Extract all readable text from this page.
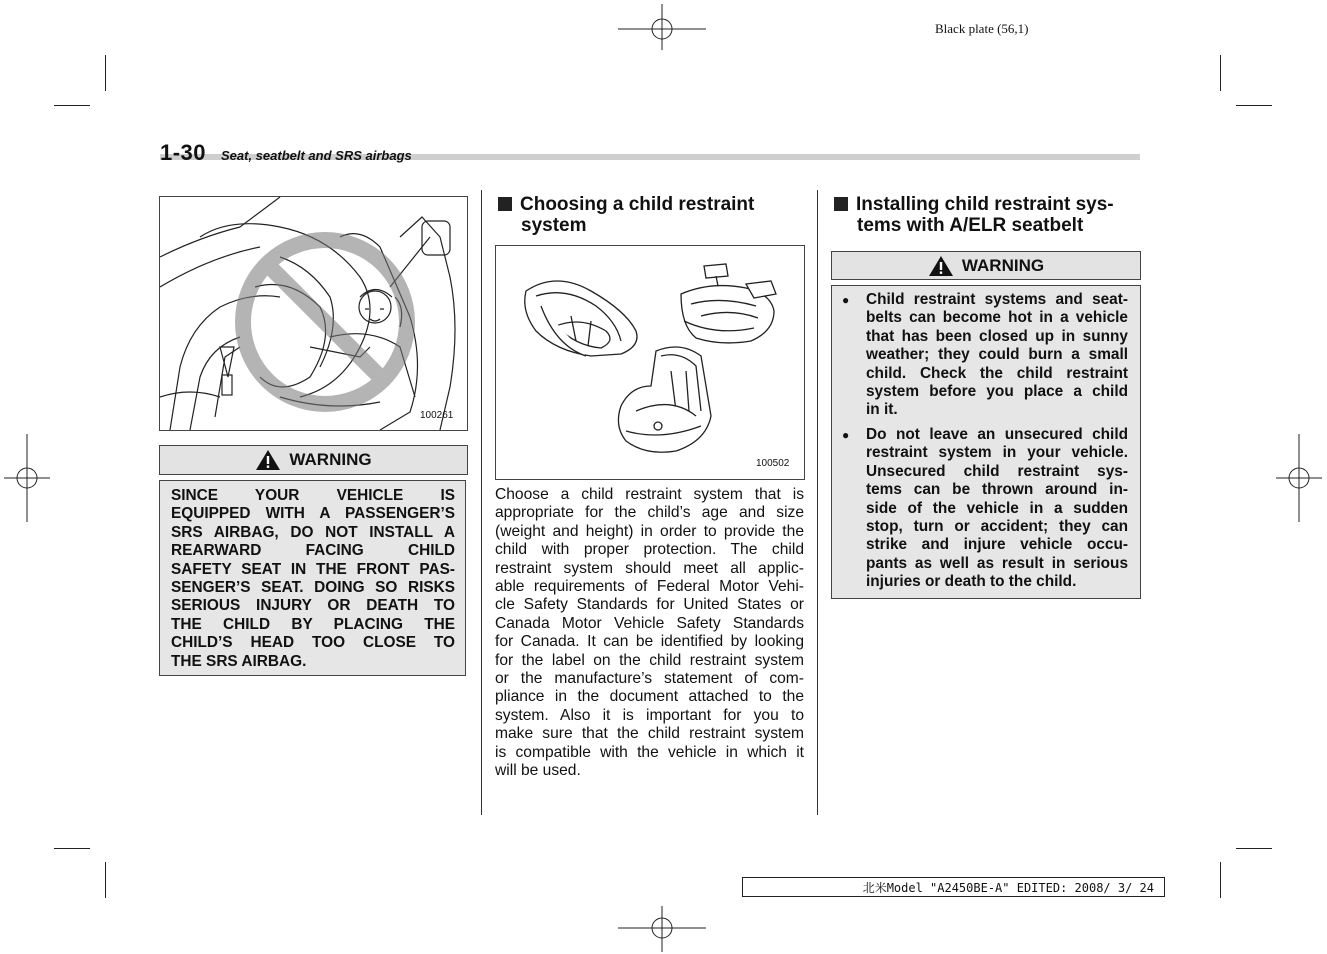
Black plate (56,1)
1-30 Seat, seatbelt and SRS airbags
100261
WARNING
SINCE YOUR VEHICLE IS
EQUIPPED WITH A PASSENGER’S
SRS AIRBAG, DO NOT INSTALL A
REARWARD FACING CHILD
SAFETY SEAT IN THE FRONT PAS-
SENGER’S SEAT. DOING SO RISKS
SERIOUS INJURY OR DEATH TO
THE CHILD BY PLACING THE
CHILD’S HEAD TOO CLOSE TO
THE SRS AIRBAG.
Choosing a child restraint
system
100502
Choose a child restraint system that is
appropriate for the child’s age and size
(weight and height) in order to provide the
child with proper protection. The child
restraint system should meet all applic-
able requirements of Federal Motor Vehi-
cle Safety Standards for United States or
Canada Motor Vehicle Safety Standards
for Canada. It can be identified by looking
for the label on the child restraint system
or the manufacture’s statement of com-
pliance in the document attached to the
system. Also it is important for you to
make sure that the child restraint system
is compatible with the vehicle in which it
will be used.
Installing child restraint sys-
tems with A/ELR seatbelt
WARNING
● Child restraint systems and seat-
belts can become hot in a vehicle
that has been closed up in sunny
weather; they could burn a small
child. Check the child restraint
system before you place a child
in it.
● Do not leave an unsecured child
restraint system in your vehicle.
Unsecured child restraint sys-
tems can be thrown around in-
side of the vehicle in a sudden
stop, turn or accident; they can
strike and injure vehicle occu-
pants as well as result in serious
injuries or death to the child.
北米Model "A2450BE-A" EDITED: 2008/ 3/ 24
